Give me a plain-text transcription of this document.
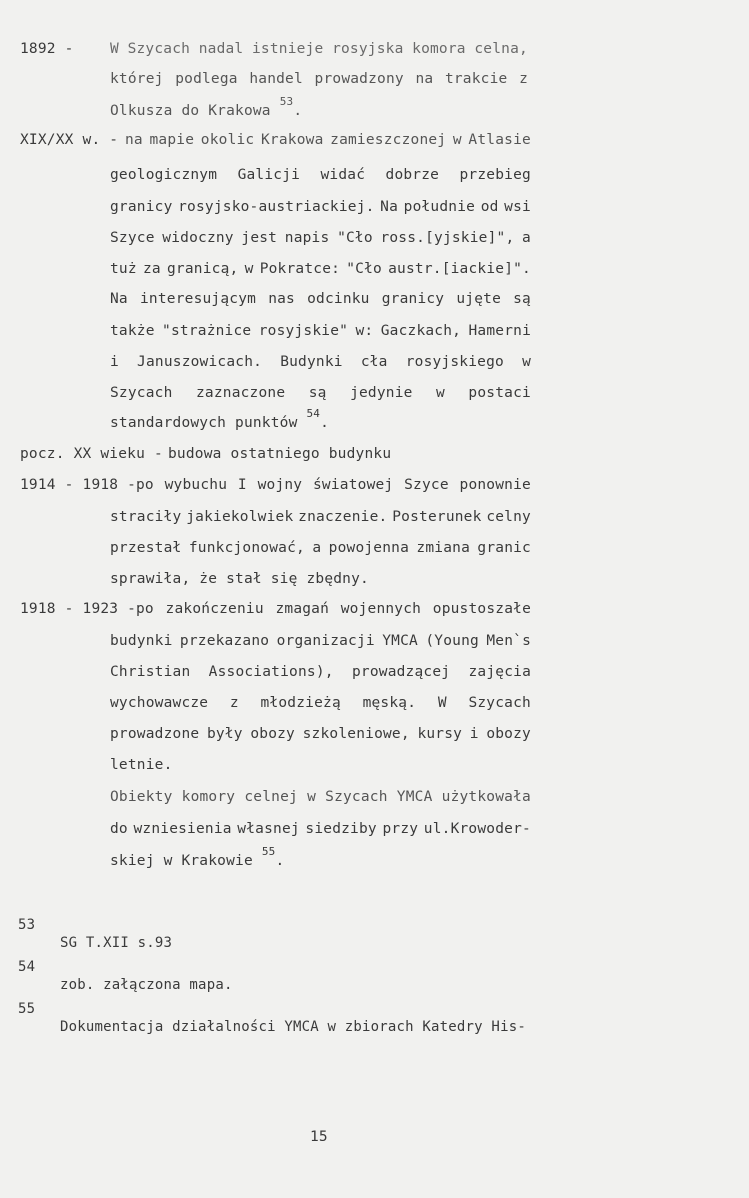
1892 -	W Szycach nadal istnieje rosyjska komora celna,
której podlega handel prowadzony na trakcie z
Olkusza do Krakowa $^{53}$.
XIX/XX w. - na mapie okolic Krakowa zamieszczonej w Atlasie
geologicznym Galicji widać dobrze przebieg
granicy rosyjsko-austriackiej. Na południe od wsi
Szyce widoczny jest napis "Cło ross.[yjskie]", a
tuż za granicą, w Pokratce: "Cło austr.[iackie]".
Na interesującym nas odcinku granicy ujęte są
także "strażnice rosyjskie" w: Gaczkach, Hamerni
i Januszowicach. Budynki cła rosyjskiego w
Szycach zaznaczone są jedynie w postaci
standardowych punktów $^{54}$.
pocz. XX wieku - budowa ostatniego budynku
1914 - 1918 - po wybuchu I wojny światowej Szyce ponownie
straciły jakiekolwiek znaczenie. Posterunek celny
przestał funkcjonować, a powojenna zmiana granic
sprawiła, że stał się zbędny.
1918 - 1923 - po zakończeniu zmagań wojennych opustoszałe
budynki przekazano organizacji YMCA (Young Men`s
Christian Associations), prowadzącej zajęcia
wychowawcze z młodzieżą męską. W Szycach
prowadzone były obozy szkoleniowe, kursy i obozy
letnie.
Obiekty komory celnej w Szycach YMCA użytkowała
do wzniesienia własnej siedziby przy ul.Krowoder-
skiej w Krakowie $^{55}$.
53
SG T.XII s.93
54
zob. załączona mapa.
55
Dokumentacja działalności YMCA w zbiorach Katedry His-
15
